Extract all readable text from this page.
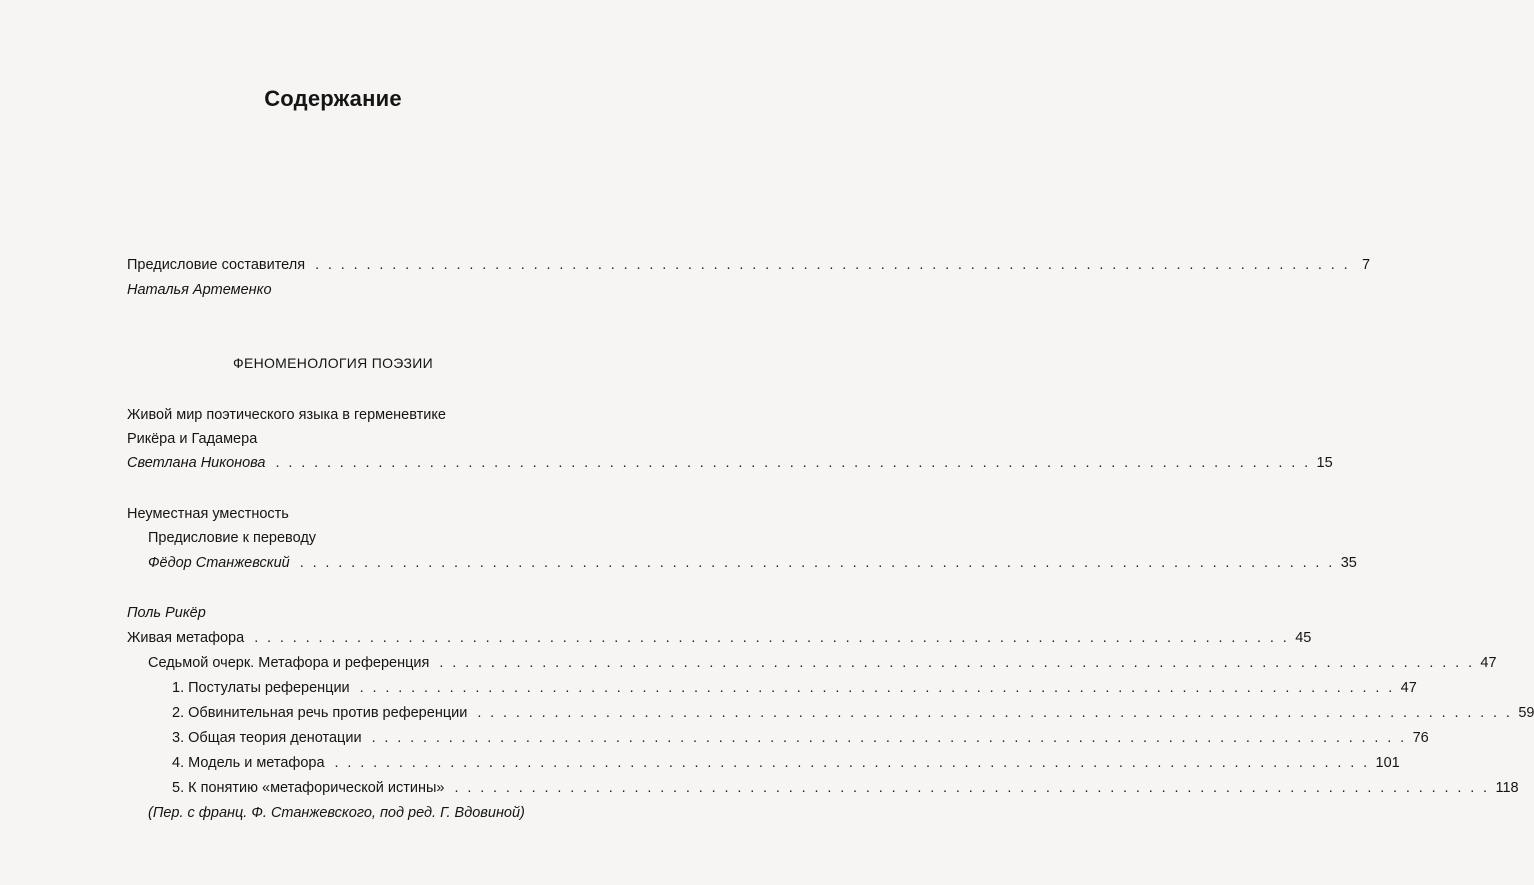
Содержание
Предисловие составителя . . . . . . . . . . . . . . . . . . . . . . . . . . . . . . . . . . . . . . . . . . . . . . . . . . . . . . . . . . . . . . . . . . . . . . . . . . . . . . . . . 7
Наталья Артеменко
ФЕНОМЕНОЛОГИЯ ПОЭЗИИ
Живой мир поэтического языка в герменевтике
Рикёра и Гадамера
Светлана Никонова . . . . . . . . . . . . . . . . . . . . . . . . . . . . . . . . . . . . . . . . . . . . . . . . . . . . . . . . . . . . . . . . . . . . . . . . . . . . . . . . . 15
Неуместная уместность
Предисловие к переводу
Фёдор Станжевский . . . . . . . . . . . . . . . . . . . . . . . . . . . . . . . . . . . . . . . . . . . . . . . . . . . . . . . . . . . . . . . . . . . . . . . . . . . . . . . . . 35
Поль Рикёр
Живая метафора . . . . . . . . . . . . . . . . . . . . . . . . . . . . . . . . . . . . . . . . . . . . . . . . . . . . . . . . . . . . . . . . . . . . . . . . . . . . . . . . . 45
Седьмой очерк. Метафора и референция . . . . . . . . . . . . . . . . . . . . . . . . . . . . . . . . . . . . . . . . . . . . . . . . . . . . . . . . . . . . . . . . . . . . . . . . . . . . . . . . . 47
1. Постулаты референции . . . . . . . . . . . . . . . . . . . . . . . . . . . . . . . . . . . . . . . . . . . . . . . . . . . . . . . . . . . . . . . . . . . . . . . . . . . . . . . . . 47
2. Обвинительная речь против референции . . . . . . . . . . . . . . . . . . . . . . . . . . . . . . . . . . . . . . . . . . . . . . . . . . . . . . . . . . . . . . . . . . . . . . . . . . . . . . . . . 59
3. Общая теория денотации . . . . . . . . . . . . . . . . . . . . . . . . . . . . . . . . . . . . . . . . . . . . . . . . . . . . . . . . . . . . . . . . . . . . . . . . . . . . . . . . . 76
4. Модель и метафора . . . . . . . . . . . . . . . . . . . . . . . . . . . . . . . . . . . . . . . . . . . . . . . . . . . . . . . . . . . . . . . . . . . . . . . . . . . . . . . . . 101
5. К понятию «метафорической истины» . . . . . . . . . . . . . . . . . . . . . . . . . . . . . . . . . . . . . . . . . . . . . . . . . . . . . . . . . . . . . . . . . . . . . . . . . . . . . . . . . 118
(Пер. с франц. Ф. Станжевского, под ред. Г. Вдовиной)
